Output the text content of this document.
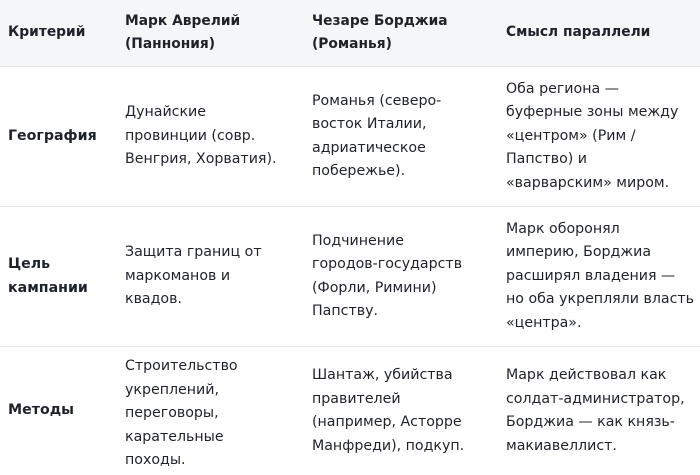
Критерий
Марк Аврелий
(Паннония)
Чезаре Борджиа
(Романья)
Смысл параллели
География
Дунайские
провинции (совр.
Венгрия, Хорватия).
Романья (северо-
восток Италии,
адриатическое
побережье).
Оба региона —
буферные зоны между
«центром» (Рим /
Папство) и
«варварским» миром.
Цель
кампании
Защита границ от
маркоманов и
квадов.
Подчинение
городов-государств
(Форли, Римини)
Папству.
Марк оборонял
империю, Борджиа
расширял владения —
но оба укрепляли власть
«центра».
Методы
Строительство
укреплений,
переговоры,
карательные
походы.
Шантаж, убийства
правителей
(например, Асторре
Манфреди), подкуп.
Марк действовал как
солдат-администратор,
Борджиа — как князь-
макиавеллист.
